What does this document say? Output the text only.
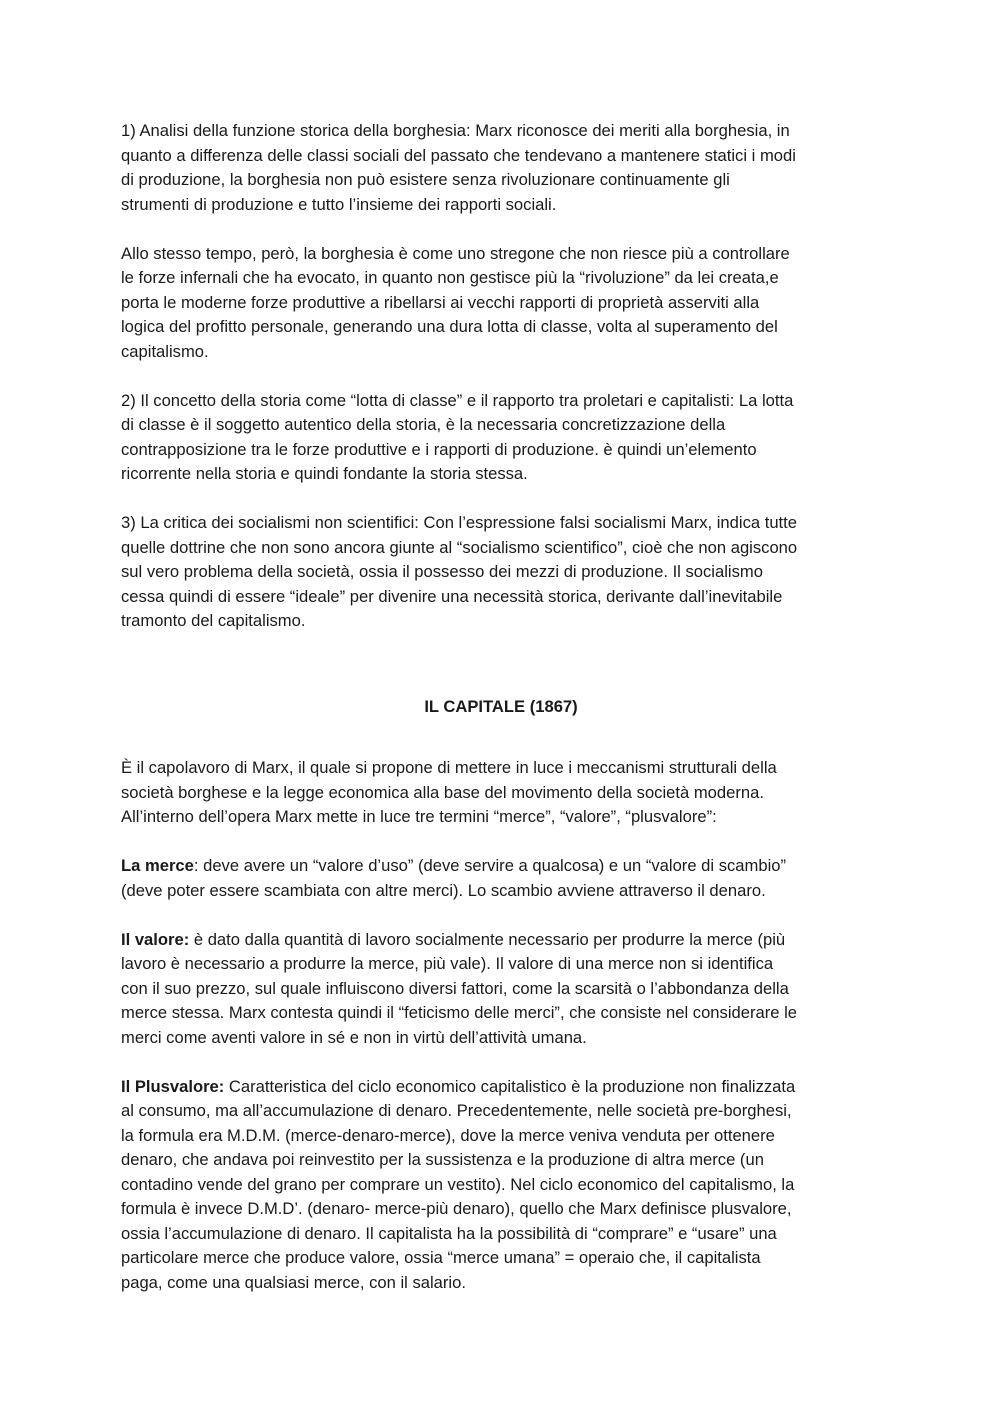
1) Analisi della funzione storica della borghesia: Marx riconosce dei meriti alla borghesia, in
quanto a differenza delle classi sociali del passato che tendevano a mantenere statici i modi
di produzione, la borghesia non può esistere senza rivoluzionare continuamente gli
strumenti di produzione e tutto l’insieme dei rapporti sociali.

Allo stesso tempo, però, la borghesia è come uno stregone che non riesce più a controllare
le forze infernali che ha evocato, in quanto non gestisce più la “rivoluzione” da lei creata,e
porta le moderne forze produttive a ribellarsi ai vecchi rapporti di proprietà asserviti alla
logica del profitto personale, generando una dura lotta di classe, volta al superamento del
capitalismo.

2) Il concetto della storia come “lotta di classe” e il rapporto tra proletari e capitalisti: La lotta
di classe è il soggetto autentico della storia, è la necessaria concretizzazione della
contrapposizione tra le forze produttive e i rapporti di produzione. è quindi un’elemento
ricorrente nella storia e quindi fondante la storia stessa.

3) La critica dei socialismi non scientifici: Con l’espressione falsi socialismi Marx, indica tutte
quelle dottrine che non sono ancora giunte al “socialismo scientifico”, cioè che non agiscono
sul vero problema della società, ossia il possesso dei mezzi di produzione. Il socialismo
cessa quindi di essere “ideale” per divenire una necessità storica, derivante dall’inevitabile
tramonto del capitalismo.

IL CAPITALE (1867)

È il capolavoro di Marx, il quale si propone di mettere in luce i meccanismi strutturali della
società borghese e la legge economica alla base del movimento della società moderna.
All’interno dell’opera Marx mette in luce tre termini “merce”, “valore”, “plusvalore”:

La merce: deve avere un “valore d’uso” (deve servire a qualcosa) e un “valore di scambio”
(deve poter essere scambiata con altre merci). Lo scambio avviene attraverso il denaro.

Il valore: è dato dalla quantità di lavoro socialmente necessario per produrre la merce (più
lavoro è necessario a produrre la merce, più vale). Il valore di una merce non si identifica
con il suo prezzo, sul quale influiscono diversi fattori, come la scarsità o l’abbondanza della
merce stessa. Marx contesta quindi il “feticismo delle merci”, che consiste nel considerare le
merci come aventi valore in sé e non in virtù dell’attività umana.

Il Plusvalore: Caratteristica del ciclo economico capitalistico è la produzione non finalizzata
al consumo, ma all’accumulazione di denaro. Precedentemente, nelle società pre-borghesi,
la formula era M.D.M. (merce-denaro-merce), dove la merce veniva venduta per ottenere
denaro, che andava poi reinvestito per la sussistenza e la produzione di altra merce (un
contadino vende del grano per comprare un vestito). Nel ciclo economico del capitalismo, la
formula è invece D.M.D’. (denaro- merce-più denaro), quello che Marx definisce plusvalore,
ossia l’accumulazione di denaro. Il capitalista ha la possibilità di “comprare” e “usare” una
particolare merce che produce valore, ossia “merce umana” = operaio che, il capitalista
paga, come una qualsiasi merce, con il salario.
